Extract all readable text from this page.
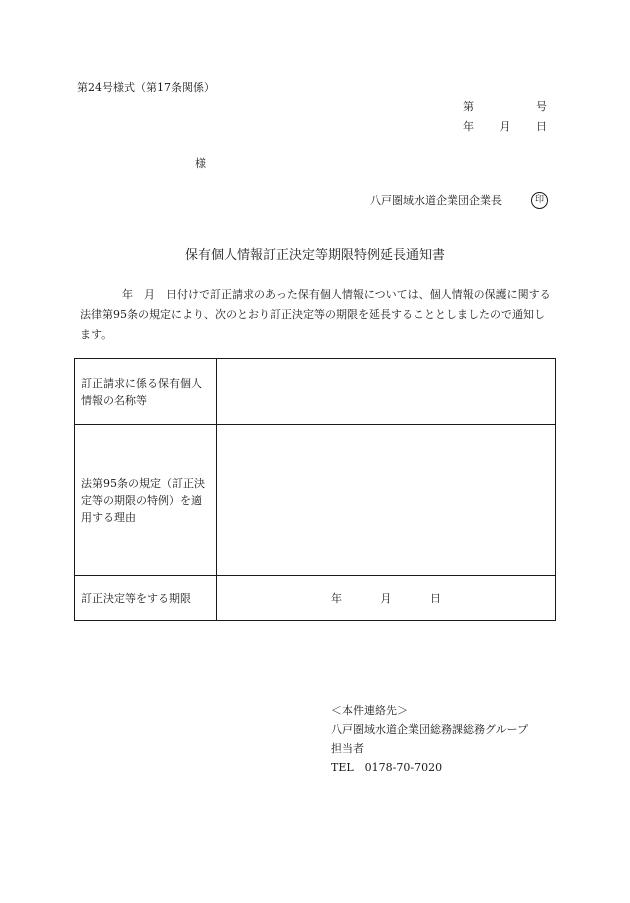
第24号様式（第17条関係）
第	号
年 月 日
様
八戸圏域水道企業団企業長	印
保有個人情報訂正決定等期限特例延長通知書
年　月　日付けで訂正請求のあった保有個人情報については、個人情報の保護に関する法律第95条の規定により、次のとおり訂正決定等の期限を延長することとしましたので通知します。
訂正請求に係る保有個人情報の名称等	
法第95条の規定（訂正決定等の期限の特例）を適用する理由	
訂正決定等をする期限	年 月 日
＜本件連絡先＞
八戸圏域水道企業団総務課総務グループ
担当者
TEL　0178-70-7020
